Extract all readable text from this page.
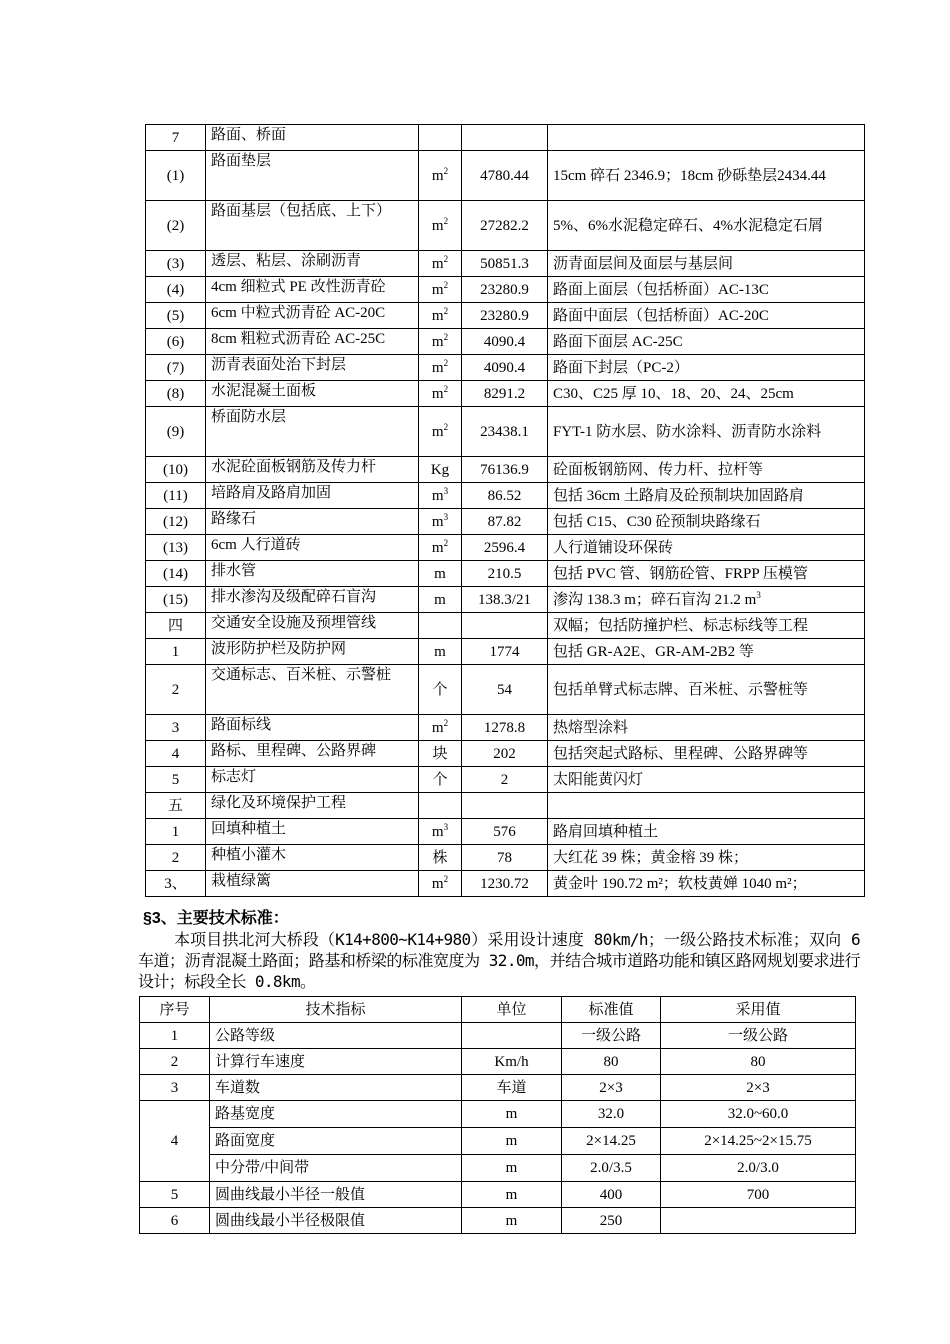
7	路面、桥面			
(1)	路面垫层	$m^2$	4780.44	15cm 碎石 2346.9；18cm 砂砾垫层2434.44
(2)	路面基层（包括底、上下）	$m^2$	27282.2	5%、6%水泥稳定碎石、4%水泥稳定石屑
(3)	透层、粘层、涂刷沥青	$m^2$	50851.3	沥青面层间及面层与基层间
(4)	4cm 细粒式 PE 改性沥青砼	$m^2$	23280.9	路面上面层（包括桥面）AC-13C
(5)	6cm 中粒式沥青砼 AC-20C	$m^2$	23280.9	路面中面层（包括桥面）AC-20C
(6)	8cm 粗粒式沥青砼 AC-25C	$m^2$	4090.4	路面下面层 AC-25C
(7)	沥青表面处治下封层	$m^2$	4090.4	路面下封层（PC-2）
(8)	水泥混凝土面板	$m^2$	8291.2	C30、C25 厚 10、18、20、24、25cm
(9)	桥面防水层	$m^2$	23438.1	FYT-1 防水层、防水涂料、沥青防水涂料
(10)	水泥砼面板钢筋及传力杆	Kg	76136.9	砼面板钢筋网、传力杆、拉杆等
(11)	培路肩及路肩加固	$m^3$	86.52	包括 36cm 土路肩及砼预制块加固路肩
(12)	路缘石	$m^3$	87.82	包括 C15、C30 砼预制块路缘石
(13)	6cm 人行道砖	$m^2$	2596.4	人行道铺设环保砖
(14)	排水管	m	210.5	包括 PVC 管、钢筋砼管、FRPP 压模管
(15)	排水渗沟及级配碎石盲沟	m	138.3/21	渗沟 138.3 m；碎石盲沟 21.2 $m^3$
四	交通安全设施及预埋管线			双幅；包括防撞护栏、标志标线等工程
1	波形防护栏及防护网	m	1774	包括 GR-A2E、GR-AM-2B2 等
2	交通标志、百米桩、示警桩	个	54	包括单臂式标志牌、百米桩、示警桩等
3	路面标线	$m^2$	1278.8	热熔型涂料
4	路标、里程碑、公路界碑	块	202	包括突起式路标、里程碑、公路界碑等
5	标志灯	个	2	太阳能黄闪灯
五	绿化及环境保护工程			
1	回填种植土	$m^3$	576	路肩回填种植土
2	种植小灌木	株	78	大红花 39 株；黄金榕 39 株；
3、	栽植绿篱	$m^2$	1230.72	黄金叶 190.72 m²；软枝黄婵 1040 m²；
§3、主要技术标准：
本项目拱北河大桥段（K14+800~K14+980）采用设计速度 80km/h；一级公路技术标准；双向 6 车道；沥青混凝土路面；路基和桥梁的标准宽度为 32.0m，并结合城市道路功能和镇区路网规划要求进行设计；标段全长 0.8km。
序号	技术指标	单位	标准值	采用值
1	公路等级		一级公路	一级公路
2	计算行车速度	Km/h	80	80
3	车道数	车道	2×3	2×3
4	路基宽度	m	32.0	32.0~60.0
	路面宽度	m	2×14.25	2×14.25~2×15.75
	中分带/中间带	m	2.0/3.5	2.0/3.0
5	圆曲线最小半径一般值	m	400	700
6	圆曲线最小半径极限值	m	250	
